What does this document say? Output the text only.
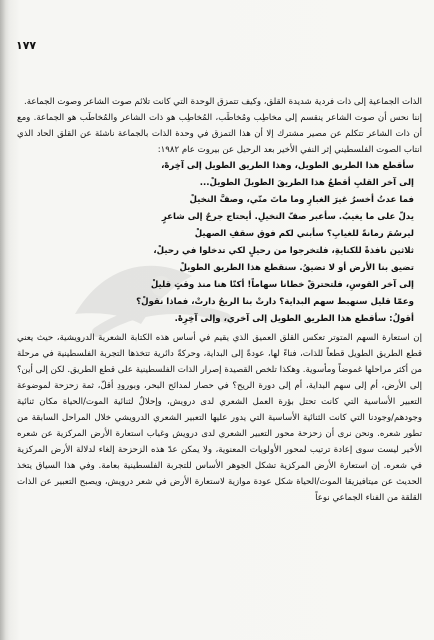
١٧٧

الذات الجماعية إلى ذات فردية شديدة القلق، وكيف تتمزق الوحدة التي كانت تلائم صوت الشاعر وصوت الجماعة.

إننا نحس أن صوت الشاعر ينقسم إلى مخاطِب ومُخاطَب، المُخاطِب هو ذات الشاعر والمُخاطَب هو الجماعة. ومع أن ذات الشاعر تتكلم عن مصير مشترك إلا أن هذا التمزق في وحدة الذات بالجماعة ناشئة عن القلق الحاد الذي انتاب الصوت الفلسطيني إثر النفي الأخير بعد الرحيل عن بيروت عام ١٩٨٢:

سأقطع هذا الطريق الطويل، وهذا الطريق الطويل إلى آخِرهْ،

إلى آخر القلبِ أقطعُ هذا الطريقَ الطويلَ الطويلْ...

فما عدتُ أخسرُ غيرَ الغبارِ وما ماتَ منّي، وصفَّ النخيلْ

يدلّ على ما يغيبُ. سأعبر صفّ النخيلِ. أيحتاج جرحٌ إلى شاعرٍ

ليرسُمَ رمانةً للغيابِ؟ سأبني لكم فوق سقفِ الصهيلْ

ثلاثين نافذةً للكنايةِ، فلتخرجوا من رحيلٍ لكي تدخلوا في رحيلْ،

تضيق بنا الأرض أو لا تضيقُ. سنقطع هذا الطريق الطويلْ

إلى آخر القوسِ، فلتحترقْ خطانا سهاماً! أكنّا هنا منذ وقتٍ قليلْ

وعمّا قليل سنهبط سهم البداية؟ دارتْ بنا الريحُ دارتْ، فماذا نقولْ؟

أقولُ: سأقطع هذا الطريق الطويل إلى آخري، وإلى آخِرِهْ.

إن استعارة السهم المتوتر تعكس القلق العميق الذي يقيم في أساس هذه الكتابة الشعرية الدرويشية، حيث يعني قطع الطريق الطويل قطعاً للذات، فناءً لها، عودةً إلى البداية، وحركةً دائرية تتخذها التجربة الفلسطينية في مرحلة من أكثر مراحلها غموضاً ومأسوية. وهكذا تلخص القصيدة إصرار الذات الفلسطينية على قطع الطريق. لكن إلى أين؟ إلى الأرض، أم إلى سهم البداية، أم إلى دورة الريح؟ في حصار لمدائح البحر، وبورودِ أقلّ، ثمة زحزحة لموضوعة التعبير الأساسية التي كانت تحتل بؤرة العمل الشعري لدى درويش، وإحلالٌ لثنائية الموت/الحياة مكان ثنائية وجودهم/وجودنا التي كانت الثنائية الأساسية التي يدور عليها التعبير الشعري الدرويشي خلال المراحل السابقة من تطور شعره. ونحن نرى أن زحزحة محور التعبير الشعري لدى درويش وغياب استعارة الأرض المركزية عن شعره الأخير ليست سوى إعادة ترتيب لمحور الأولويات المعنوية، ولا يمكن عدّ هذه الزحزحة إلغاء لدلالة الأرض المركزية في شعره. إن استعارة الأرض المركزية تشكل الجوهر الأساس للتجربة الفلسطينية بعامة. وفي هذا السياق يتخذ الحديث عن ميتافيزيقا الموت/الحياة شكل عودة موازية لاستعارة الأرض في شعر درويش، ويصبح التعبير عن الذات القلقة من الفناء الجماعي نوعاً
